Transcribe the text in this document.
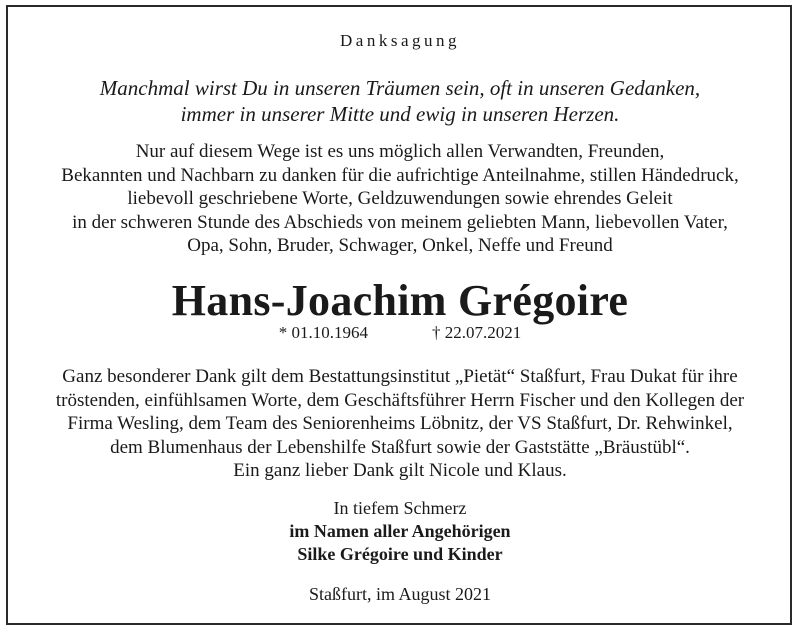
Danksagung
Manchmal wirst Du in unseren Träumen sein, oft in unseren Gedanken,
immer in unserer Mitte und ewig in unseren Herzen.
Nur auf diesem Wege ist es uns möglich allen Verwandten, Freunden,
Bekannten und Nachbarn zu danken für die aufrichtige Anteilnahme, stillen Händedruck,
liebevoll geschriebene Worte, Geldzuwendungen sowie ehrendes Geleit
in der schweren Stunde des Abschieds von meinem geliebten Mann, liebevollen Vater,
Opa, Sohn, Bruder, Schwager, Onkel, Neffe und Freund
Hans-Joachim Grégoire
* 01.10.1964	† 22.07.2021
Ganz besonderer Dank gilt dem Bestattungsinstitut „Pietät“ Staßfurt, Frau Dukat für ihre
tröstenden, einfühlsamen Worte, dem Geschäftsführer Herrn Fischer und den Kollegen der
Firma Wesling, dem Team des Seniorenheims Löbnitz, der VS Staßfurt, Dr. Rehwinkel,
dem Blumenhaus der Lebenshilfe Staßfurt sowie der Gaststätte „Bräustübl“.
Ein ganz lieber Dank gilt Nicole und Klaus.
In tiefem Schmerz
im Namen aller Angehörigen
Silke Grégoire und Kinder
Staßfurt, im August 2021
